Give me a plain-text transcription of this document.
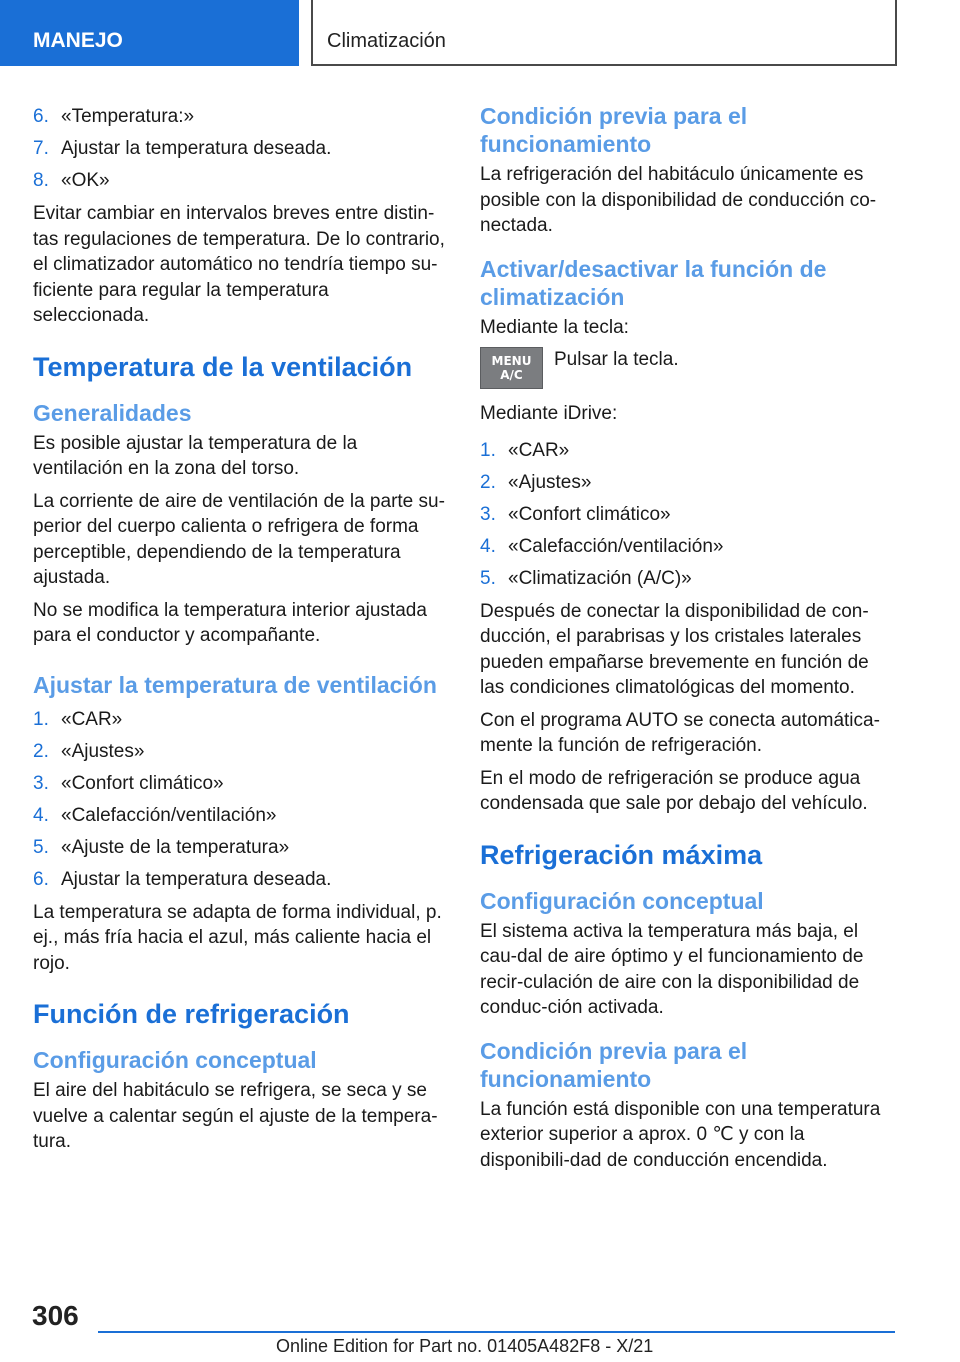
MANEJO	Climatización
6. «Temperatura:»
7. Ajustar la temperatura deseada.
8. «OK»

Evitar cambiar en intervalos breves entre distin-tas regulaciones de temperatura. De lo contrario, el climatizador automático no tendría tiempo su-ficiente para regular la temperatura seleccionada.

Temperatura de la ventilación
Generalidades

Es posible ajustar la temperatura de la ventilación en la zona del torso.

La corriente de aire de ventilación de la parte su-perior del cuerpo calienta o refrigera de forma perceptible, dependiendo de la temperatura ajustada.

No se modifica la temperatura interior ajustada para el conductor y acompañante.

Ajustar la temperatura de ventilación
1. «CAR»
2. «Ajustes»
3. «Confort climático»
4. «Calefacción/ventilación»
5. «Ajuste de la temperatura»
6. Ajustar la temperatura deseada.

La temperatura se adapta de forma individual, p. ej., más fría hacia el azul, más caliente hacia el rojo.

Función de refrigeración
Configuración conceptual

El aire del habitáculo se refrigera, se seca y se vuelve a calentar según el ajuste de la tempera-tura.

Condición previa para el funcionamiento

La refrigeración del habitáculo únicamente es posible con la disponibilidad de conducción co-nectada.

Activar/desactivar la función de climatización

Mediante la tecla:

MENU
A/C
Pulsar la tecla.

Mediante iDrive:

1. «CAR»
2. «Ajustes»
3. «Confort climático»
4. «Calefacción/ventilación»
5. «Climatización (A/C)»

Después de conectar la disponibilidad de con-ducción, el parabrisas y los cristales laterales pueden empañarse brevemente en función de las condiciones climatológicas del momento.

Con el programa AUTO se conecta automática-mente la función de refrigeración.

En el modo de refrigeración se produce agua condensada que sale por debajo del vehículo.

Refrigeración máxima
Configuración conceptual

El sistema activa la temperatura más baja, el cau-dal de aire óptimo y el funcionamiento de recir-culación de aire con la disponibilidad de conduc-ción activada.

Condición previa para el funcionamiento

La función está disponible con una temperatura exterior superior a aprox. 0 ℃ y con la disponibili-dad de conducción encendida.

306
Online Edition for Part no. 01405A482F8 - X/21
